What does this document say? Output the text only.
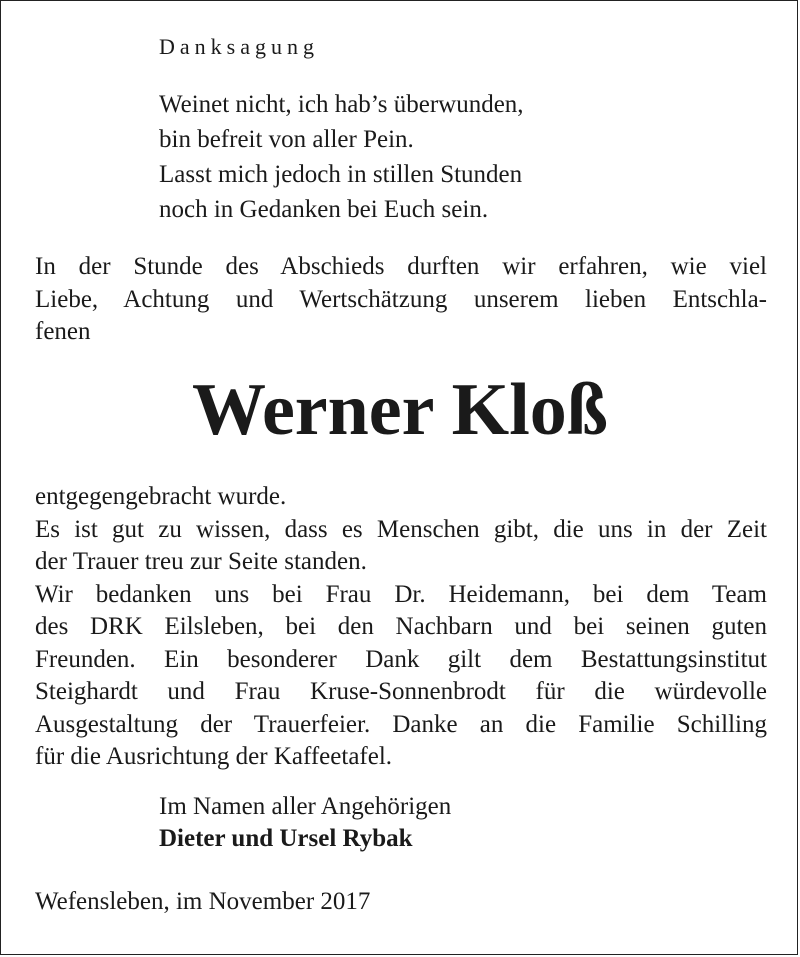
Danksagung
Weinet nicht, ich hab’s überwunden,
bin befreit von aller Pein.
Lasst mich jedoch in stillen Stunden
noch in Gedanken bei Euch sein.
In der Stunde des Abschieds durften wir erfahren, wie viel
Liebe, Achtung und Wertschätzung unserem lieben Entschla-
fenen
Werner Kloß
entgegengebracht wurde.
Es ist gut zu wissen, dass es Menschen gibt, die uns in der Zeit
der Trauer treu zur Seite standen.
Wir bedanken uns bei Frau Dr. Heidemann, bei dem Team
des DRK Eilsleben, bei den Nachbarn und bei seinen guten
Freunden. Ein besonderer Dank gilt dem Bestattungsinstitut
Steighardt und Frau Kruse-Sonnenbrodt für die würdevolle
Ausgestaltung der Trauerfeier. Danke an die Familie Schilling
für die Ausrichtung der Kaffeetafel.
Im Namen aller Angehörigen
Dieter und Ursel Rybak
Wefensleben, im November 2017
